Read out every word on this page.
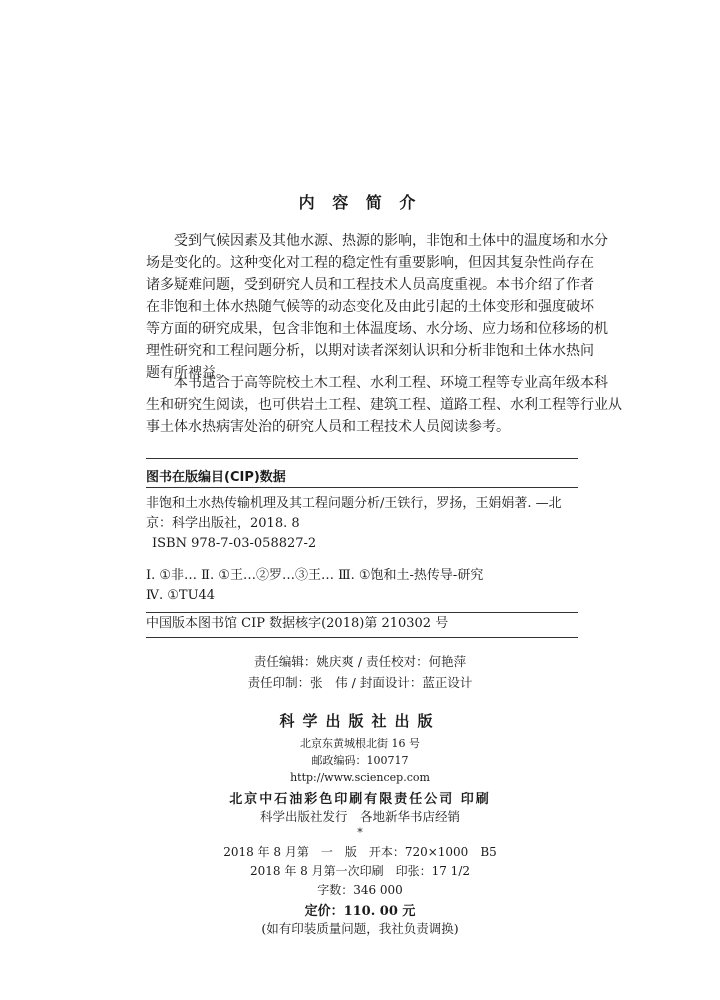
内 容 简 介
受到气候因素及其他水源、热源的影响，非饱和土体中的温度场和水分
场是变化的。这种变化对工程的稳定性有重要影响，但因其复杂性尚存在
诸多疑难问题，受到研究人员和工程技术人员高度重视。本书介绍了作者
在非饱和土体水热随气候等的动态变化及由此引起的土体变形和强度破坏
等方面的研究成果，包含非饱和土体温度场、水分场、应力场和位移场的机
理性研究和工程问题分析，以期对读者深刻认识和分析非饱和土体水热问
题有所裨益。
本书适合于高等院校土木工程、水利工程、环境工程等专业高年级本科
生和研究生阅读，也可供岩土工程、建筑工程、道路工程、水利工程等行业从
事土体水热病害处治的研究人员和工程技术人员阅读参考。
图书在版编目(CIP)数据
非饱和土水热传输机理及其工程问题分析/王铁行，罗扬，王娟娟著. —北
京：科学出版社，2018. 8
ISBN 978-7-03-058827-2
Ⅰ. ①非… Ⅱ. ①王…②罗…③王… Ⅲ. ①饱和土-热传导-研究
Ⅳ. ①TU44
中国版本图书馆 CIP 数据核字(2018)第 210302 号
责任编辑：姚庆爽 / 责任校对：何艳萍
责任印制：张　伟 / 封面设计：蓝正设计
科学出版社出版
北京东黄城根北街 16 号
邮政编码：100717
http://www.sciencep.com
北京中石油彩色印刷有限责任公司 印刷
科学出版社发行　各地新华书店经销
*
2018 年 8 月第　一　版　开本：720×1000　B5
2018 年 8 月第一次印刷　印张：17 1/2
字数：346 000
定价：110. 00 元
(如有印装质量问题，我社负责调换)
